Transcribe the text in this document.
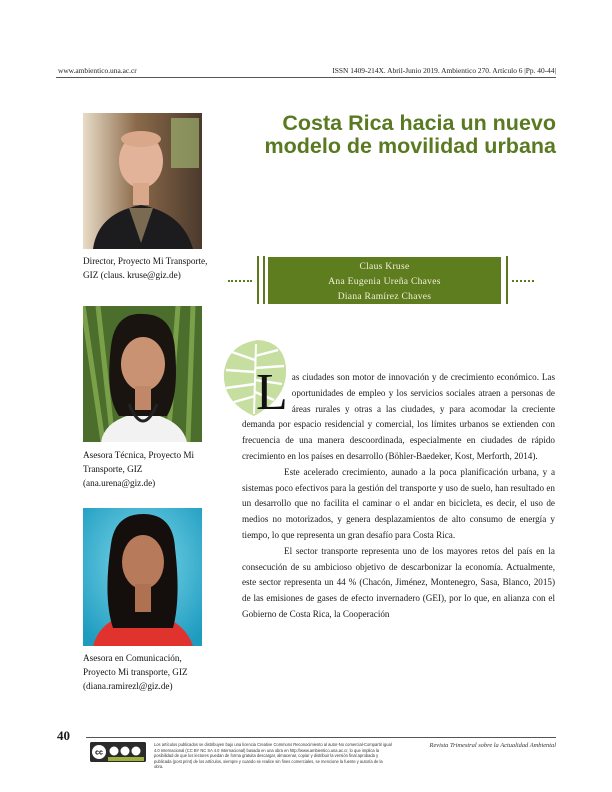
www.ambientico.una.ac.cr	ISSN 1409-214X. Abril-Junio 2019. Ambientico 270. Artículo 6 |Pp. 40-44|
Costa Rica hacia un nuevo modelo de movilidad urbana
Director, Proyecto Mi Transporte, GIZ (claus. kruse@giz.de)
Asesora Técnica, Proyecto Mi Transporte, GIZ (ana.urena@giz.de)
Asesora en Comunicación, Proyecto Mi transporte, GIZ (diana.ramirezl@giz.de)
Claus Kruse
Ana Eugenia Ureña Chaves
Diana Ramírez Chaves

Las ciudades son motor de innovación y de crecimiento económico. Las oportunidades de empleo y los servicios sociales atraen a personas de áreas rurales y otras a las ciudades, y para acomodar la creciente demanda por espacio residencial y comercial, los límites urbanos se extienden con frecuencia de una manera descoordinada, especialmente en ciudades de rápido crecimiento en los países en desarrollo (Böhler-Baedeker, Kost, Merforth, 2014).

Este acelerado crecimiento, aunado a la poca planificación urbana, y a sistemas poco efectivos para la gestión del transporte y uso de suelo, han resultado en un desarrollo que no facilita el caminar o el andar en bicicleta, es decir, el uso de medios no motorizados, y genera desplazamientos de alto consumo de energía y tiempo, lo que representa un gran desafío para Costa Rica.

El sector transporte representa uno de los mayores retos del país en la consecución de su ambicioso objetivo de descarbonizar la economía. Actualmente, este sector representa un 44 % (Chacón, Jiménez, Montenegro, Sasa, Blanco, 2015) de las emisiones de gases de efecto invernadero (GEI), por lo que, en alianza con el Gobierno de Costa Rica, la Cooperación

40
cc
Los artículos publicados se distribuyen bajo una licencia Creative Commons Reconocimiento al autor-No comercial-Compartir igual 4.0 Internacional (CC BY NC SA 4.0 Internacional) basada en una obra en http://www.ambientico.una.ac.cr, lo que implica la posibilidad de que los lectores puedan de forma gratuita descargar, almacenar, copiar y distribuir la versión final aprobada y publicada (post print) de los artículos, siempre y cuando se realice sin fines comerciales, se mencione la fuente y autoría de la obra.
Revista Trimestral sobre la Actualidad Ambiental
